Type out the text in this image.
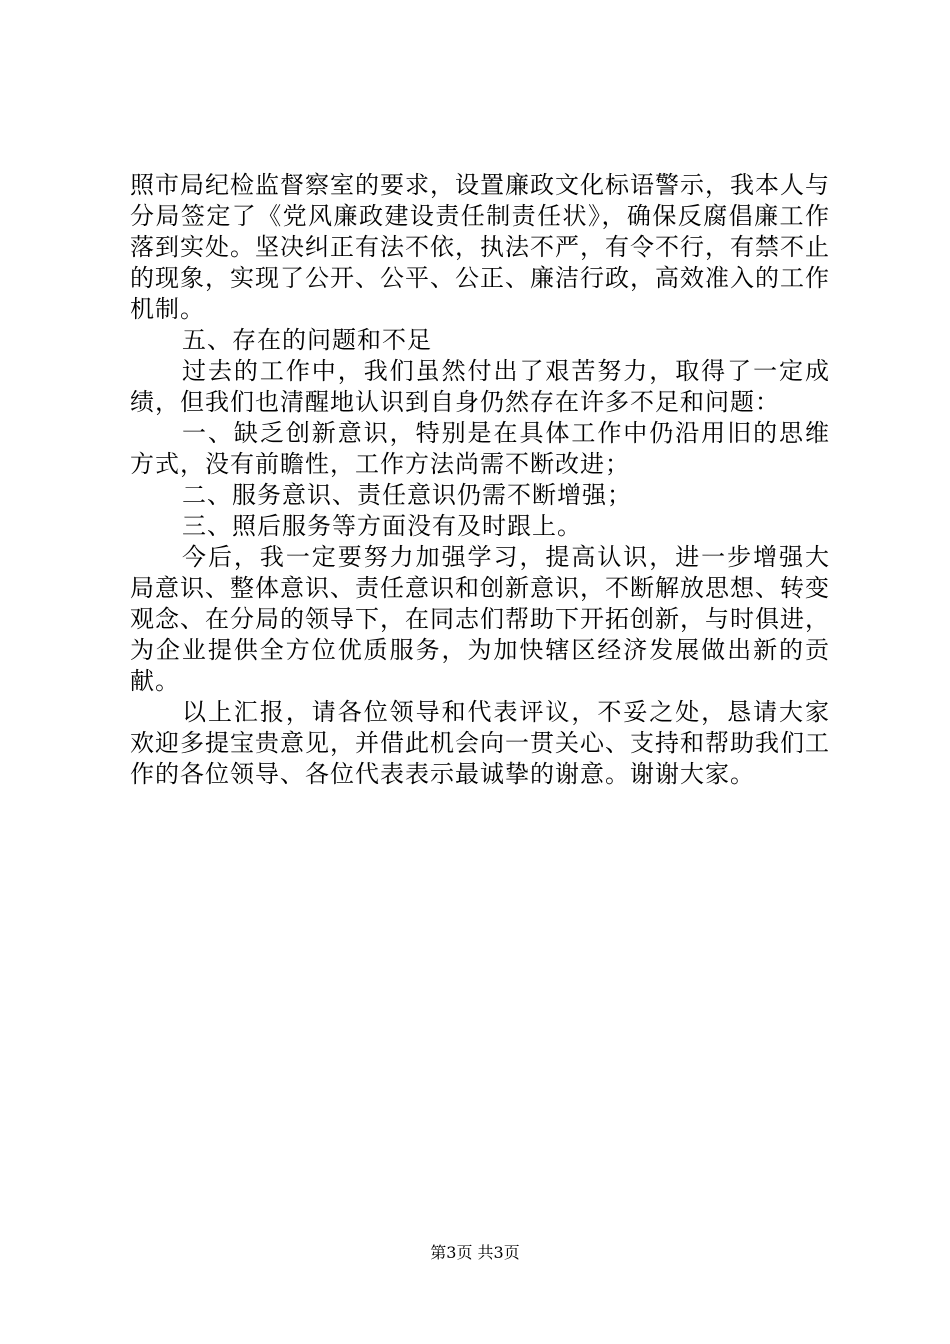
照市局纪检监督察室的要求，设置廉政文化标语警示，我本人与分局签定了《党风廉政建设责任制责任状》，确保反腐倡廉工作落到实处。坚决纠正有法不依，执法不严，有令不行，有禁不止的现象，实现了公开、公平、公正、廉洁行政，高效准入的工作机制。

五、存在的问题和不足

过去的工作中，我们虽然付出了艰苦努力，取得了一定成绩，但我们也清醒地认识到自身仍然存在许多不足和问题：

一、缺乏创新意识，特别是在具体工作中仍沿用旧的思维方式，没有前瞻性，工作方法尚需不断改进；

二、服务意识、责任意识仍需不断增强；

三、照后服务等方面没有及时跟上。

今后，我一定要努力加强学习，提高认识，进一步增强大局意识、整体意识、责任意识和创新意识，不断解放思想、转变观念、在分局的领导下，在同志们帮助下开拓创新，与时俱进，为企业提供全方位优质服务，为加快辖区经济发展做出新的贡献。

以上汇报，请各位领导和代表评议，不妥之处，恳请大家欢迎多提宝贵意见，并借此机会向一贯关心、支持和帮助我们工作的各位领导、各位代表表示最诚挚的谢意。谢谢大家。

第3页 共3页
